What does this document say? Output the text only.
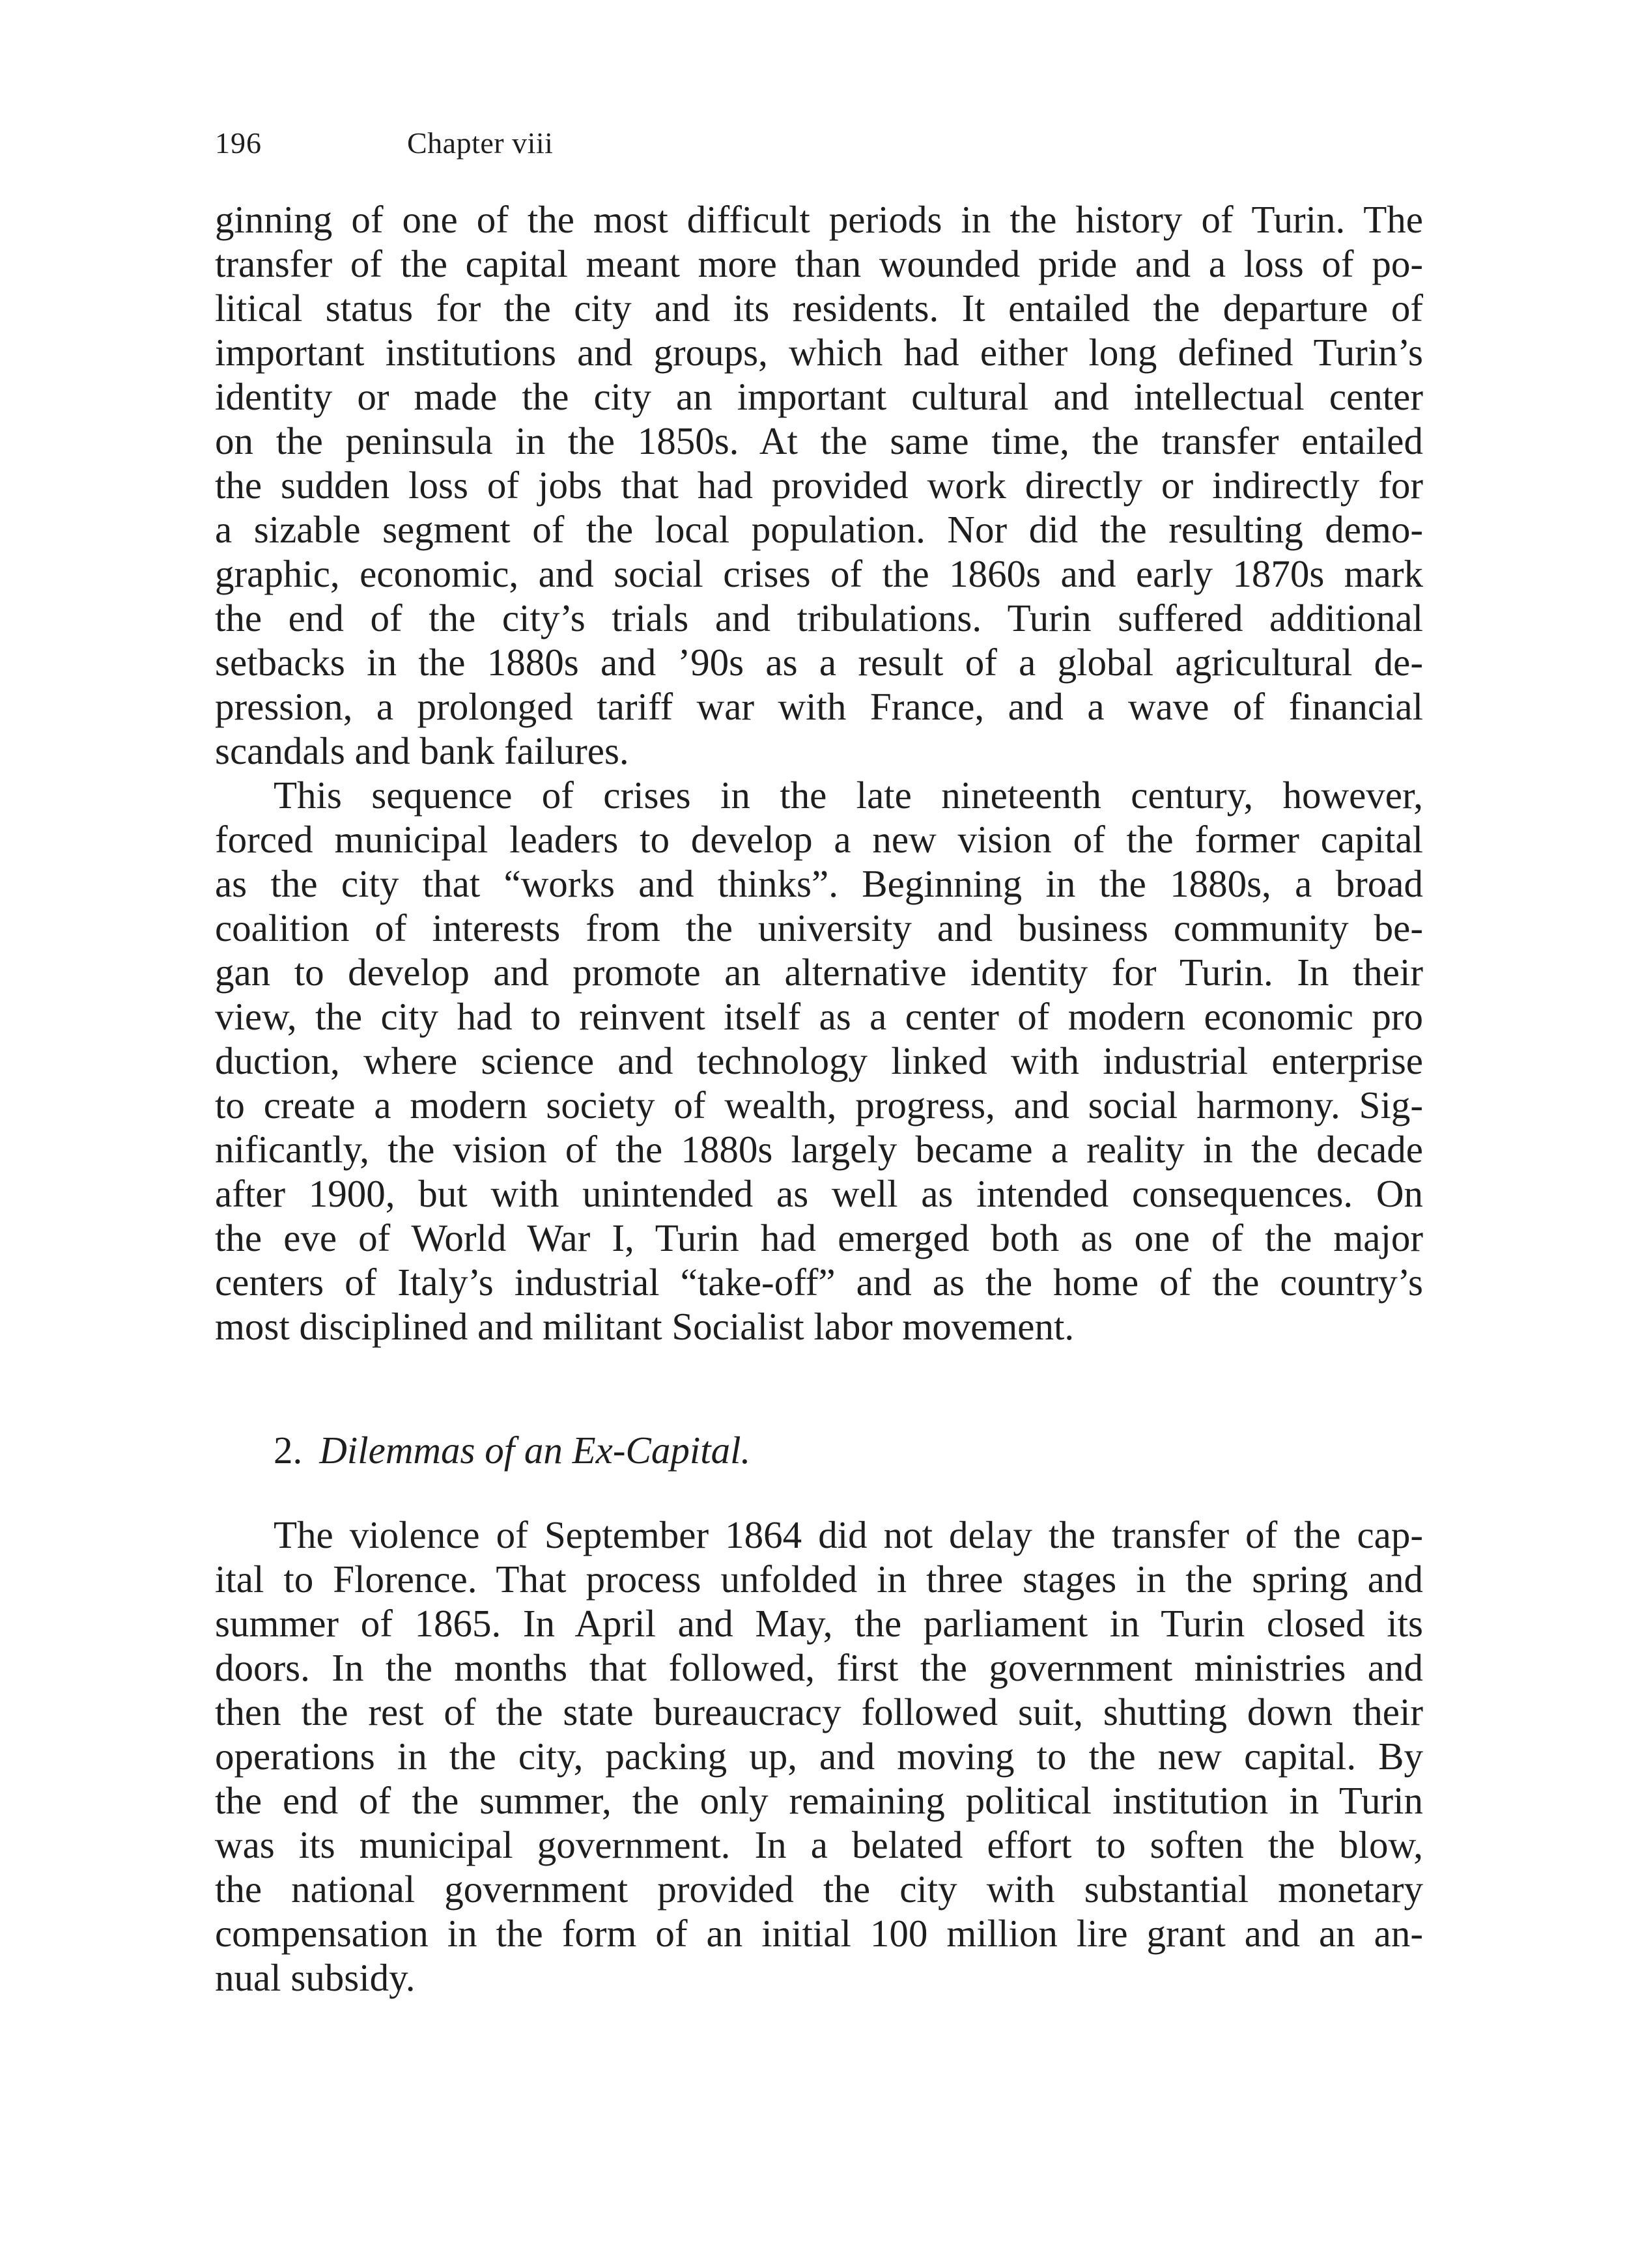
196	Chapter viii
ginning of one of the most difficult periods in the history of Turin. The
transfer of the capital meant more than wounded pride and a loss of po-
litical status for the city and its residents. It entailed the departure of
important institutions and groups, which had either long defined Turin’s
identity or made the city an important cultural and intellectual center
on the peninsula in the 1850s. At the same time, the transfer entailed
the sudden loss of jobs that had provided work directly or indirectly for
a sizable segment of the local population. Nor did the resulting demo-
graphic, economic, and social crises of the 1860s and early 1870s mark
the end of the city’s trials and tribulations. Turin suffered additional
setbacks in the 1880s and ’90s as a result of a global agricultural de-
pression, a prolonged tariff war with France, and a wave of financial
scandals and bank failures.
This sequence of crises in the late nineteenth century, however,
forced municipal leaders to develop a new vision of the former capital
as the city that “works and thinks”. Beginning in the 1880s, a broad
coalition of interests from the university and business community be-
gan to develop and promote an alternative identity for Turin. In their
view, the city had to reinvent itself as a center of modern economic pro
duction, where science and technology linked with industrial enterprise
to create a modern society of wealth, progress, and social harmony. Sig-
nificantly, the vision of the 1880s largely became a reality in the decade
after 1900, but with unintended as well as intended consequences. On
the eve of World War I, Turin had emerged both as one of the major
centers of Italy’s industrial “take-off” and as the home of the country’s
most disciplined and militant Socialist labor movement.
2. Dilemmas of an Ex-Capital.
The violence of September 1864 did not delay the transfer of the cap-
ital to Florence. That process unfolded in three stages in the spring and
summer of 1865. In April and May, the parliament in Turin closed its
doors. In the months that followed, first the government ministries and
then the rest of the state bureaucracy followed suit, shutting down their
operations in the city, packing up, and moving to the new capital. By
the end of the summer, the only remaining political institution in Turin
was its municipal government. In a belated effort to soften the blow,
the national government provided the city with substantial monetary
compensation in the form of an initial 100 million lire grant and an an-
nual subsidy.
